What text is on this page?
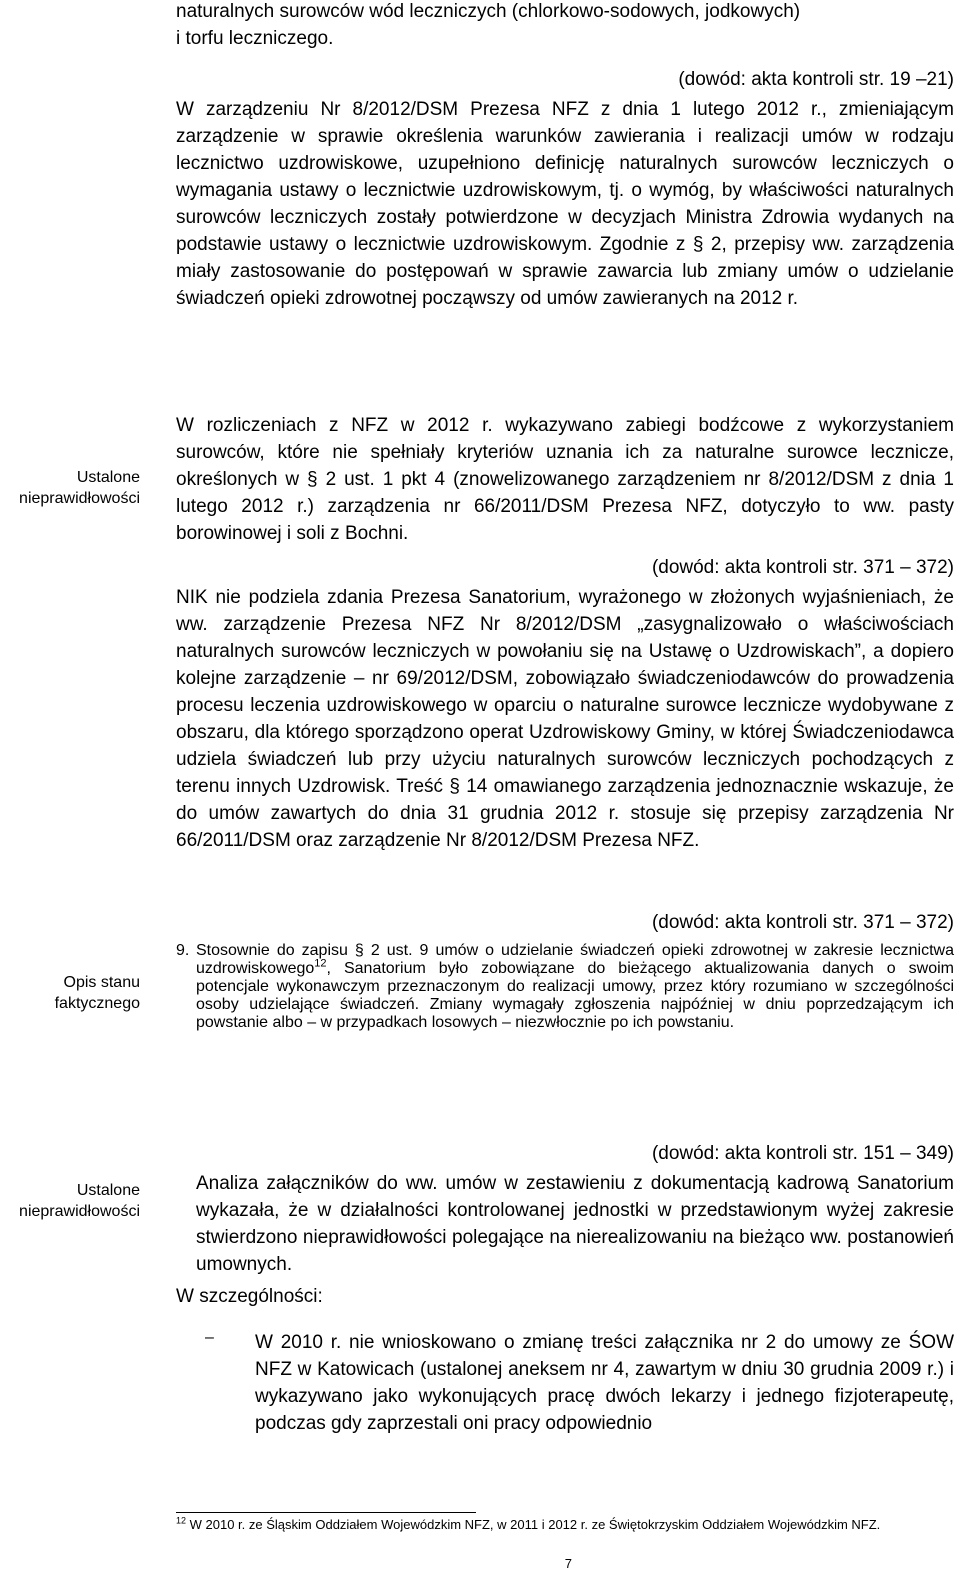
Ustalone
nieprawidłowości
Opis stanu
faktycznego
Ustalone
nieprawidłowości
naturalnych surowców wód leczniczych (chlorkowo-sodowych, jodkowych)
i torfu leczniczego.

(dowód: akta kontroli str. 19 –21)

W zarządzeniu Nr 8/2012/DSM Prezesa NFZ z dnia 1 lutego 2012 r., zmieniającym zarządzenie w sprawie określenia warunków zawierania i realizacji umów w rodzaju lecznictwo uzdrowiskowe, uzupełniono definicję naturalnych surowców leczniczych o wymagania ustawy o lecznictwie uzdrowiskowym, tj. o wymóg, by właściwości naturalnych surowców leczniczych zostały potwierdzone w decyzjach Ministra Zdrowia wydanych na podstawie ustawy o lecznictwie uzdrowiskowym. Zgodnie z § 2, przepisy ww. zarządzenia miały zastosowanie do postępowań w sprawie zawarcia lub zmiany umów o udzielanie świadczeń opieki zdrowotnej począwszy od umów zawieranych na 2012 r.

W rozliczeniach z NFZ w 2012 r. wykazywano zabiegi bodźcowe z wykorzystaniem surowców, które nie spełniały kryteriów uznania ich za naturalne surowce lecznicze, określonych w § 2 ust. 1 pkt 4 (znowelizowanego zarządzeniem nr 8/2012/DSM z dnia 1 lutego 2012 r.) zarządzenia nr 66/2011/DSM Prezesa NFZ, dotyczyło to ww. pasty borowinowej i soli z Bochni.

(dowód: akta kontroli str. 371 – 372)

NIK nie podziela zdania Prezesa Sanatorium, wyrażonego w złożonych wyjaśnieniach, że ww. zarządzenie Prezesa NFZ Nr 8/2012/DSM „zasygnalizowało o właściwościach naturalnych surowców leczniczych w powołaniu się na Ustawę o Uzdrowiskach”, a dopiero kolejne zarządzenie – nr 69/2012/DSM, zobowiązało świadczeniodawców do prowadzenia procesu leczenia uzdrowiskowego w oparciu o naturalne surowce lecznicze wydobywane z obszaru, dla którego sporządzono operat Uzdrowiskowy Gminy, w której Świadczeniodawca udziela świadczeń lub przy użyciu naturalnych surowców leczniczych pochodzących z terenu innych Uzdrowisk. Treść § 14 omawianego zarządzenia jednoznacznie wskazuje, że do umów zawartych do dnia 31 grudnia 2012 r. stosuje się przepisy zarządzenia Nr 66/2011/DSM oraz zarządzenie Nr 8/2012/DSM Prezesa NFZ.

(dowód: akta kontroli str. 371 – 372)

9. Stosownie do zapisu § 2 ust. 9 umów o udzielanie świadczeń opieki zdrowotnej w zakresie lecznictwa uzdrowiskowego$^{12}$, Sanatorium było zobowiązane do bieżącego aktualizowania danych o swoim potencjale wykonawczym przeznaczonym do realizacji umowy, przez który rozumiano w szczególności osoby udzielające świadczeń. Zmiany wymagały zgłoszenia najpóźniej w dniu poprzedzającym ich powstanie albo – w przypadkach losowych – niezwłocznie po ich powstaniu.

(dowód: akta kontroli str. 151 – 349)

Analiza załączników do ww. umów w zestawieniu z dokumentacją kadrową Sanatorium wykazała, że w działalności kontrolowanej jednostki w przedstawionym wyżej zakresie stwierdzono nieprawidłowości polegające na nierealizowaniu na bieżąco ww. postanowień umownych.

W szczególności:

– W 2010 r. nie wnioskowano o zmianę treści załącznika nr 2 do umowy ze ŚOW NFZ w Katowicach (ustalonej aneksem nr 4, zawartym w dniu 30 grudnia 2009 r.) i wykazywano jako wykonujących pracę dwóch lekarzy i jednego fizjoterapeutę, podczas gdy zaprzestali oni pracy odpowiednio

$^{12}$ W 2010 r. ze Śląskim Oddziałem Wojewódzkim NFZ, w 2011 i 2012 r. ze Świętokrzyskim Oddziałem Wojewódzkim NFZ.
7
